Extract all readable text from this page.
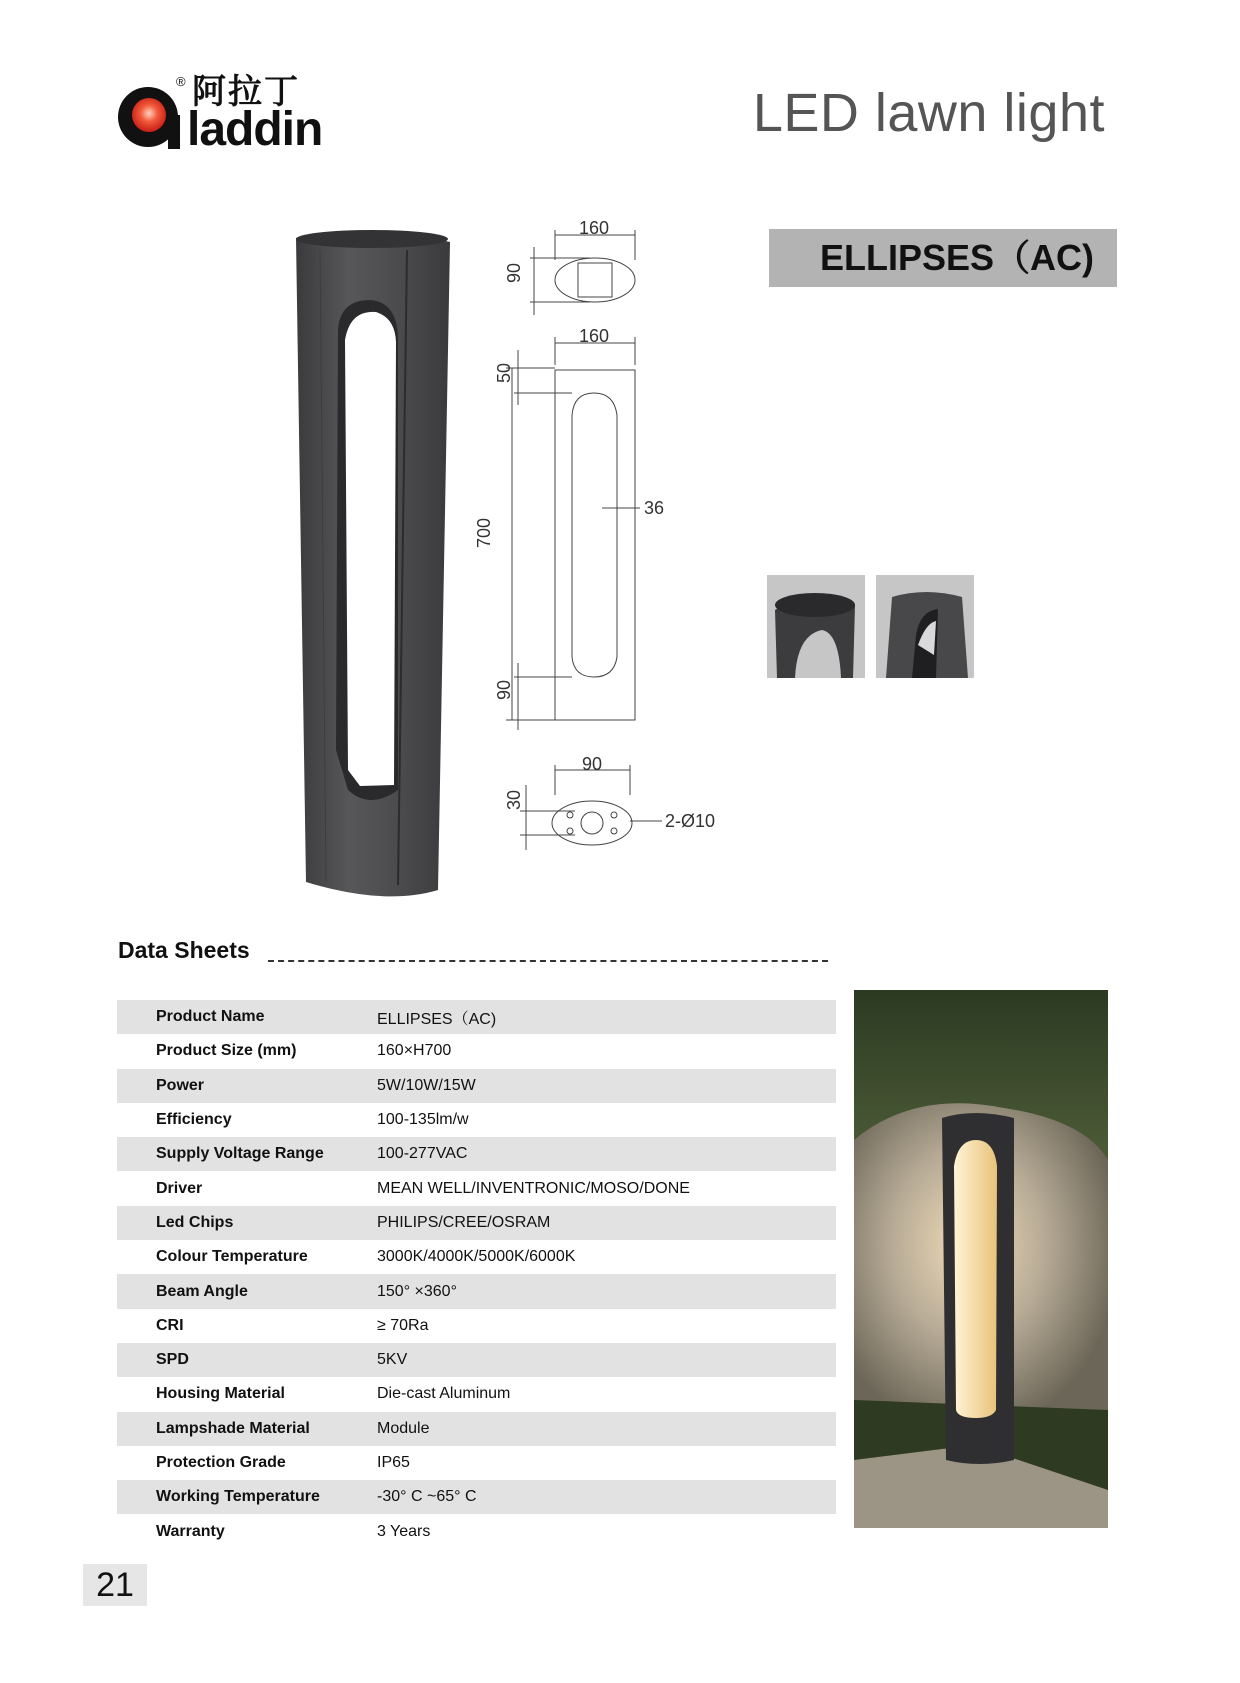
® 阿拉丁
laddin	LED lawn light
ELLIPSES（AC)
160
90
160
50
700
36
90
90
30
2-Ø10
Data Sheets
Product Name	ELLIPSES（AC)
Product Size (mm)	160×H700
Power	5W/10W/15W
Efficiency	100-135lm/w
Supply Voltage Range	100-277VAC
Driver	MEAN WELL/INVENTRONIC/MOSO/DONE
Led Chips	PHILIPS/CREE/OSRAM
Colour Temperature	3000K/4000K/5000K/6000K
Beam Angle	150° ×360°
CRI	≥ 70Ra
SPD	5KV
Housing Material	Die-cast Aluminum
Lampshade Material	Module
Protection Grade	IP65
Working Temperature	-30° C ~65° C
Warranty	3 Years
21
